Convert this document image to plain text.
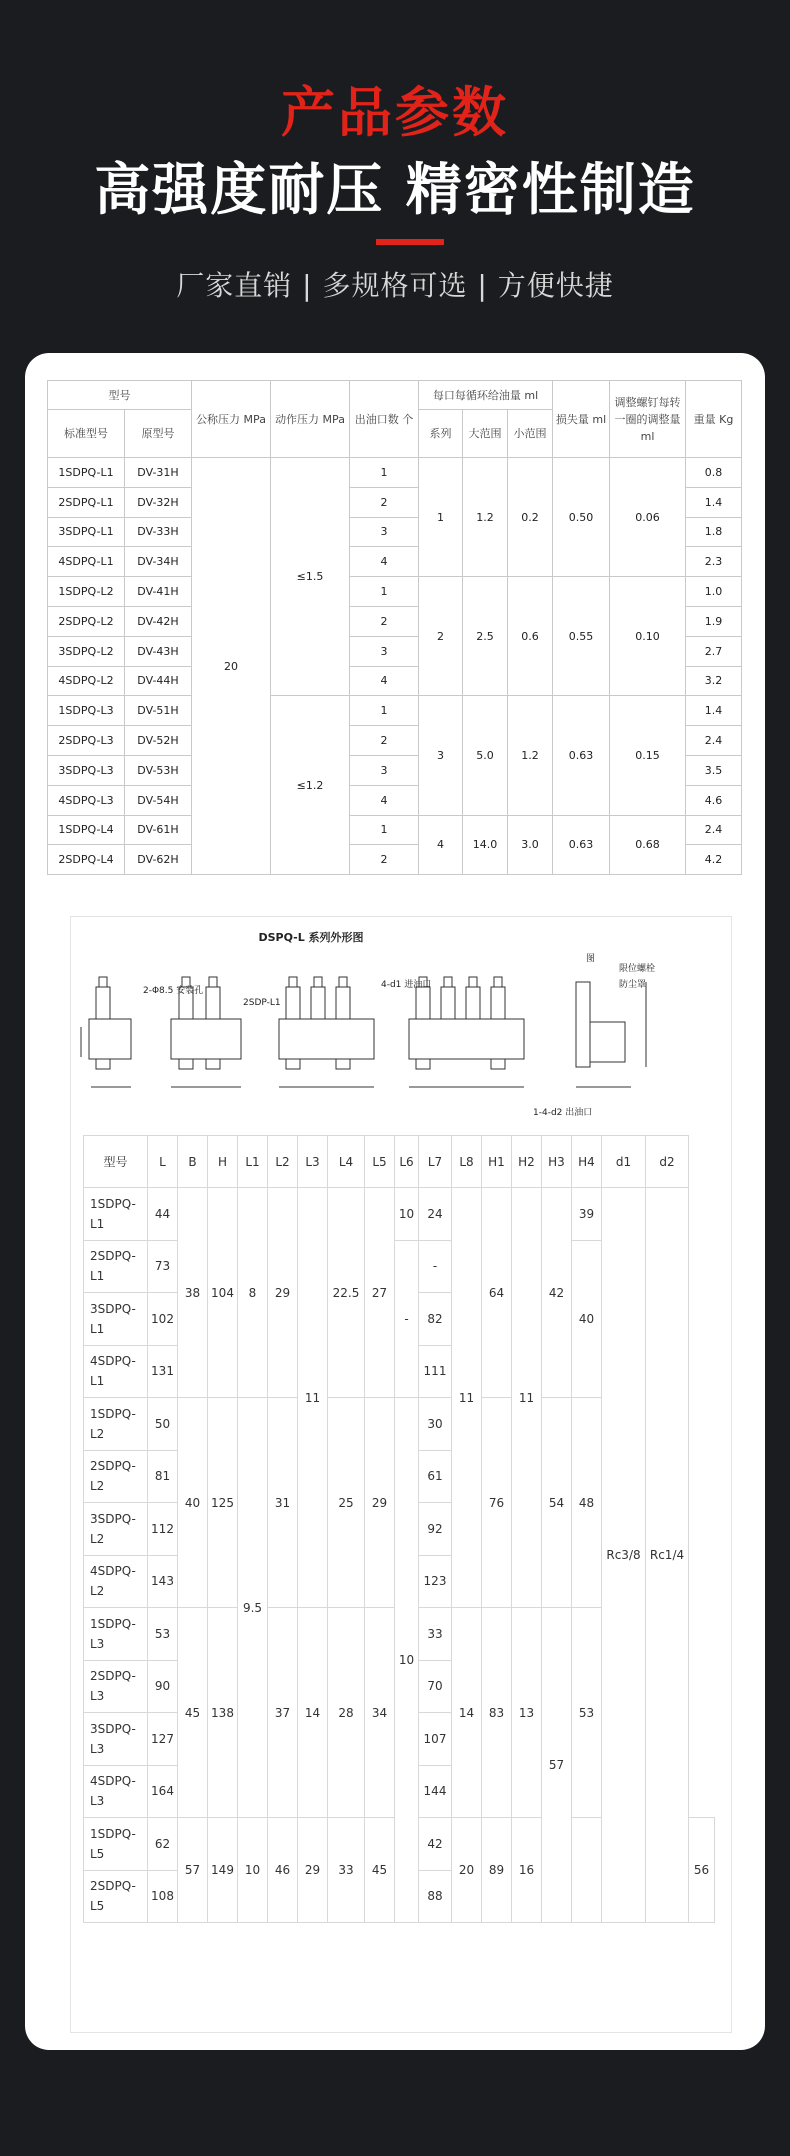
产品参数
高强度耐压 精密性制造
厂家直销 | 多规格可选 | 方便快捷
型号		公称压力 MPa	动作压力 MPa	出油口数 个	每口每循环给油量 ml			损失量 ml	调整螺钉每转一圈的调整量 ml	重量 Kg
标准型号	原型号				系列	大范围	小范围			
1SDPQ-L1	DV-31H	20	≤1.5	1	1	1.2	0.2	0.50	0.06	0.8
2SDPQ-L1	DV-32H			2						1.4
3SDPQ-L1	DV-33H			3						1.8
4SDPQ-L1	DV-34H			4						2.3
1SDPQ-L2	DV-41H			1	2	2.5	0.6	0.55	0.10	1.0
2SDPQ-L2	DV-42H			2						1.9
3SDPQ-L2	DV-43H			3						2.7
4SDPQ-L2	DV-44H			4						3.2
1SDPQ-L3	DV-51H		≤1.2	1	3	5.0	1.2	0.63	0.15	1.4
2SDPQ-L3	DV-52H			2						2.4
3SDPQ-L3	DV-53H			3						3.5
4SDPQ-L3	DV-54H			4						4.6
1SDPQ-L4	DV-61H			1	4	14.0	3.0	0.63	0.68	2.4
2SDPQ-L4	DV-62H			2						4.2
DSPQ-L 系列外形图
图
限位螺栓
防尘罩
2-Φ8.5 安装孔
2SDP-L1
4-d1 进油口
1-4-d2 出油口
型号	L	B	H	L1	L2	L3	L4	L5	L6	L7	L8	H1	H2	H3	H4	d1	d2	
1SDPQ-L1	44	38	104	8	29	11	22.5	27	10	24	11	64	11	42	39	Rc3/8	Rc1/4	
2SDPQ-L1	73								-	-					40			
3SDPQ-L1	102									82								
4SDPQ-L1	131									111								
1SDPQ-L2	50	40	125	9.5	31		25	29	10	30		76		54	48			
2SDPQ-L2	81									61								
3SDPQ-L2	112									92								
4SDPQ-L2	143									123								
1SDPQ-L3	53	45	138		37	14	28	34		33	14	83	13	57	53			
2SDPQ-L3	90									70								
3SDPQ-L3	127									107								
4SDPQ-L3	164									144								
1SDPQ-L5	62	57	149	10	46	29	33	45		42	20	89	16					56
2SDPQ-L5	108									88								
